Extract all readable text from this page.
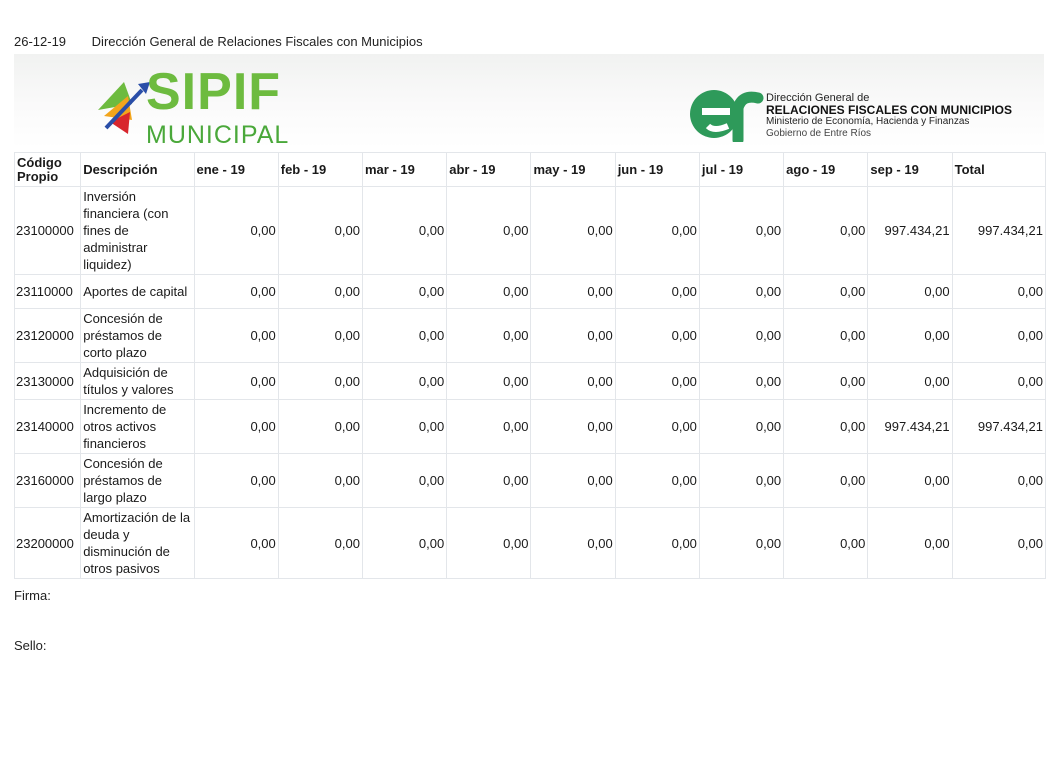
26-12-19 Dirección General de Relaciones Fiscales con Municipios
SIPIF
MUNICIPAL
Dirección General de
RELACIONES FISCALES CON MUNICIPIOS
Ministerio de Economía, Hacienda y Finanzas
Gobierno de Entre Ríos
Código Propio	Descripción	ene - 19	feb - 19	mar - 19	abr - 19	may - 19	jun - 19	jul - 19	ago - 19	sep - 19	Total
23100000	Inversión financiera (con fines de administrar liquidez)	0,00	0,00	0,00	0,00	0,00	0,00	0,00	0,00	997.434,21	997.434,21
23110000	Aportes de capital	0,00	0,00	0,00	0,00	0,00	0,00	0,00	0,00	0,00	0,00
23120000	Concesión de préstamos de corto plazo	0,00	0,00	0,00	0,00	0,00	0,00	0,00	0,00	0,00	0,00
23130000	Adquisición de títulos y valores	0,00	0,00	0,00	0,00	0,00	0,00	0,00	0,00	0,00	0,00
23140000	Incremento de otros activos financieros	0,00	0,00	0,00	0,00	0,00	0,00	0,00	0,00	997.434,21	997.434,21
23160000	Concesión de préstamos de largo plazo	0,00	0,00	0,00	0,00	0,00	0,00	0,00	0,00	0,00	0,00
23200000	Amortización de la deuda y disminución de otros pasivos	0,00	0,00	0,00	0,00	0,00	0,00	0,00	0,00	0,00	0,00
Firma:
Sello:
